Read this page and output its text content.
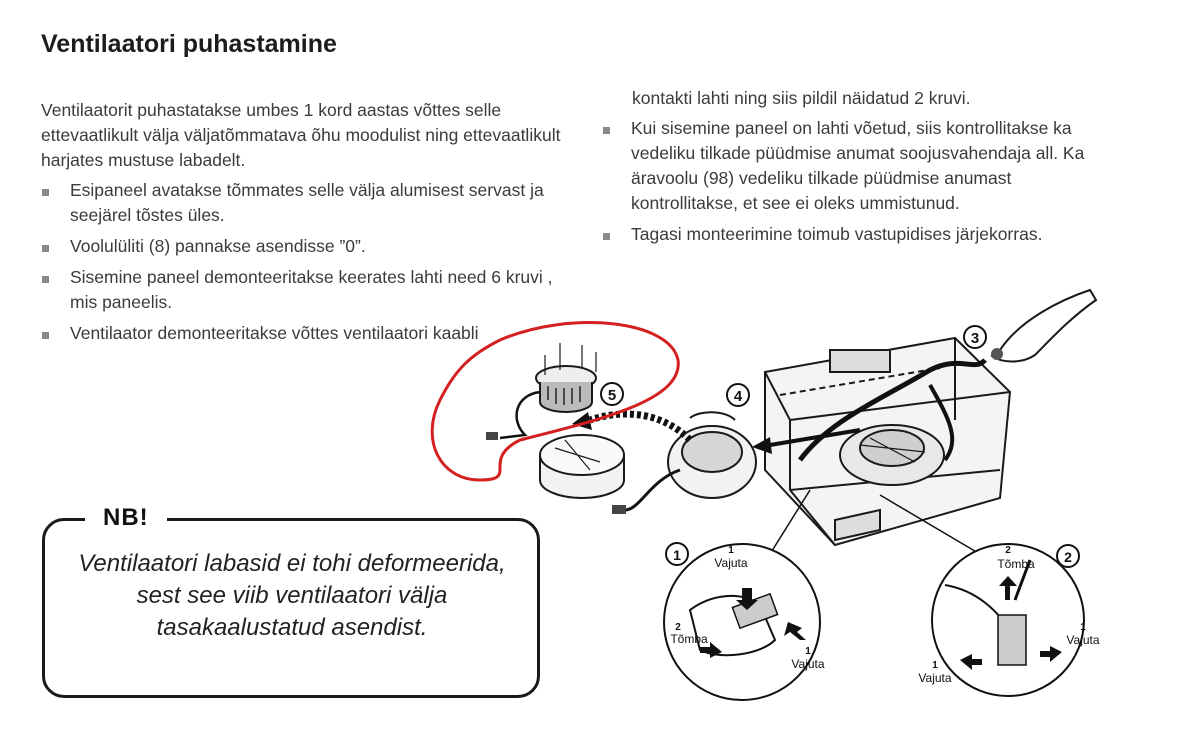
Ventilaatori puhastamine
Ventilaatorit puhastatakse umbes 1 kord aastas võttes selle ettevaatlikult välja väljatõmmatava õhu moodulist ning ettevaatlikult harjates mustuse labadelt.
Esipaneel avatakse tõmmates selle välja alumisest servast ja seejärel tõstes üles.
Voolulüliti (8) pannakse asendisse ”0”.
Sisemine paneel demonteeritakse keerates lahti need 6 kruvi , mis paneelis.
Ventilaator demonteeritakse võttes ventilaatori kaabli
kontakti lahti ning siis pildil näidatud 2 kruvi.
Kui sisemine paneel on lahti võetud, siis kontrollitakse ka vedeliku tilkade püüdmise anumat soojusvahendaja all. Ka äravoolu (98) vedeliku tilkade püüdmise anumast kontrollitakse, et see ei oleks ummistunud.
Tagasi monteerimine toimub vastupidises järjekorras.
5	4
3
1	1
Vajuta
2
Tõmba
1
Vajuta
2
2
Tõmba
1
Vajuta
1
Vajuta
NB!
Ventilaatori labasid ei tohi deformeerida, sest see viib ventilaatori välja tasakaalustatud asendist.
